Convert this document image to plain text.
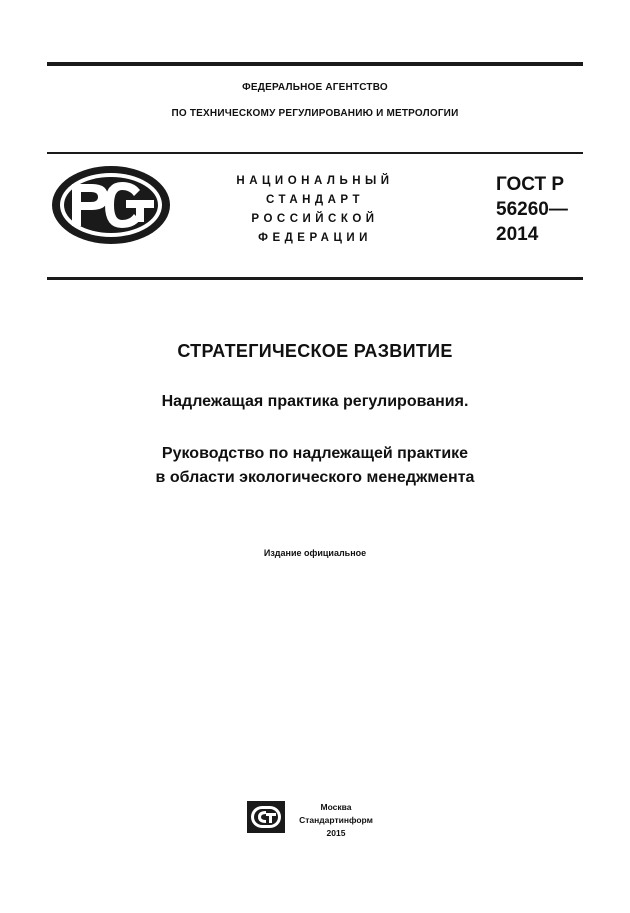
ФЕДЕРАЛЬНОЕ АГЕНТСТВО
ПО ТЕХНИЧЕСКОМУ РЕГУЛИРОВАНИЮ И МЕТРОЛОГИИ
НАЦИОНАЛЬНЫЙ
СТАНДАРТ
РОССИЙСКОЙ
ФЕДЕРАЦИИ
ГОСТ Р
56260—
2014
СТРАТЕГИЧЕСКОЕ РАЗВИТИЕ
Надлежащая практика регулирования.
Руководство по надлежащей практике
в области экологического менеджмента
Издание официальное
Москва
Стандартинформ
2015
